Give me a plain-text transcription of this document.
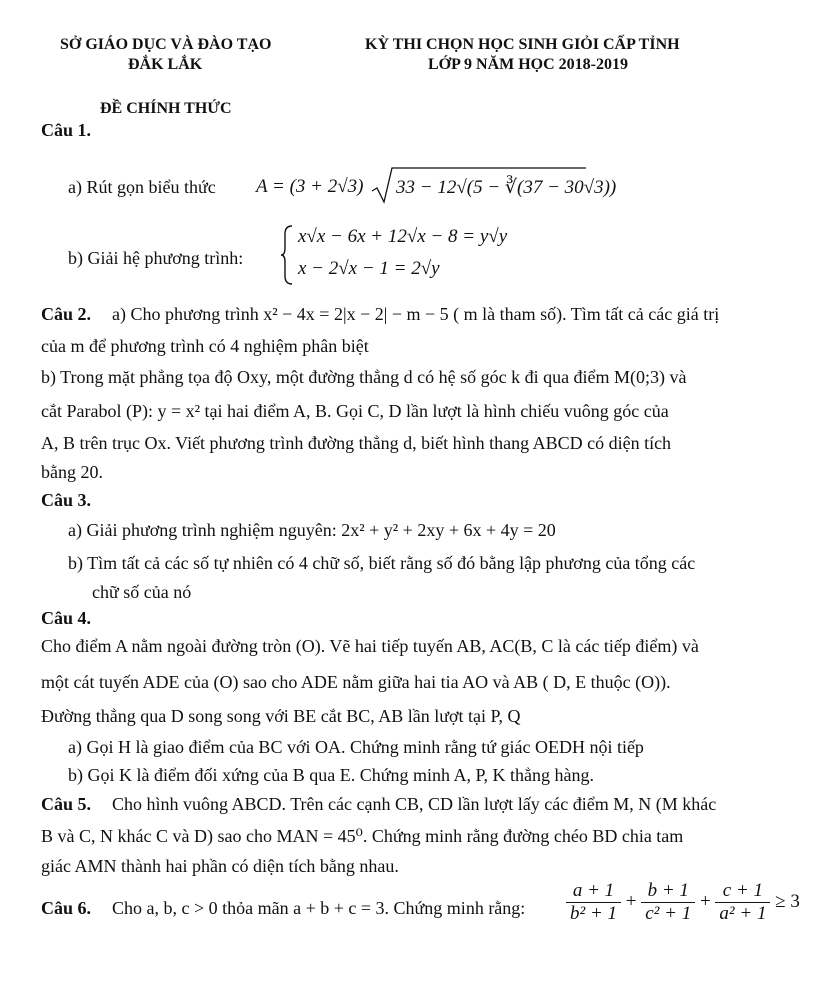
SỞ GIÁO DỤC VÀ ĐÀO TẠO
ĐẮK LẮK
KỲ THI CHỌN HỌC SINH GIỎI CẤP TỈNH
LỚP 9 NĂM HỌC 2018-2019
ĐỀ CHÍNH THỨC
Câu 1.
a) Rút gọn biểu thức A = (3 + 2√3) 33 − 12√(5 − ∛(37 − 30√3))
b) Giải hệ phương trình:
x√x − 6x + 12√x − 8 = y√y
x − 2√x − 1 = 2√y
Câu 2. a) Cho phương trình x² − 4x = 2|x − 2| − m − 5 ( m là tham số). Tìm tất cả các giá trị
của m để phương trình có 4 nghiệm phân biệt
b) Trong mặt phẳng tọa độ Oxy, một đường thẳng d có hệ số góc k đi qua điểm M(0;3) và
cắt Parabol (P): y = x² tại hai điểm A, B. Gọi C, D lần lượt là hình chiếu vuông góc của
A, B trên trục Ox. Viết phương trình đường thẳng d, biết hình thang ABCD có diện tích
bằng 20.
Câu 3.
a) Giải phương trình nghiệm nguyên: 2x² + y² + 2xy + 6x + 4y = 20
b) Tìm tất cả các số tự nhiên có 4 chữ số, biết rằng số đó bằng lập phương của tổng các
chữ số của nó
Câu 4.
Cho điểm A nằm ngoài đường tròn (O). Vẽ hai tiếp tuyến AB, AC(B, C là các tiếp điểm) và
một cát tuyến ADE của (O) sao cho ADE nằm giữa hai tia AO và AB ( D, E thuộc (O)).
Đường thẳng qua D song song với BE cắt BC, AB lần lượt tại P, Q
a) Gọi H là giao điểm của BC với OA. Chứng minh rằng tứ giác OEDH nội tiếp
b) Gọi K là điểm đối xứng của B qua E. Chứng minh A, P, K thẳng hàng.
Câu 5. Cho hình vuông ABCD. Trên các cạnh CB, CD lần lượt lấy các điểm M, N (M khác
B và C, N khác C và D) sao cho MAN = 45⁰. Chứng minh rằng đường chéo BD chia tam
giác AMN thành hai phần có diện tích bằng nhau.
Câu 6. Cho a, b, c > 0 thỏa mãn a + b + c = 3. Chứng minh rằng: $\frac{a + 1}{\text{b² + 1}} + \frac{b + 1}{\text{c² + 1}} + \frac{c + 1}{\text{a² + 1}} \ge 3$
